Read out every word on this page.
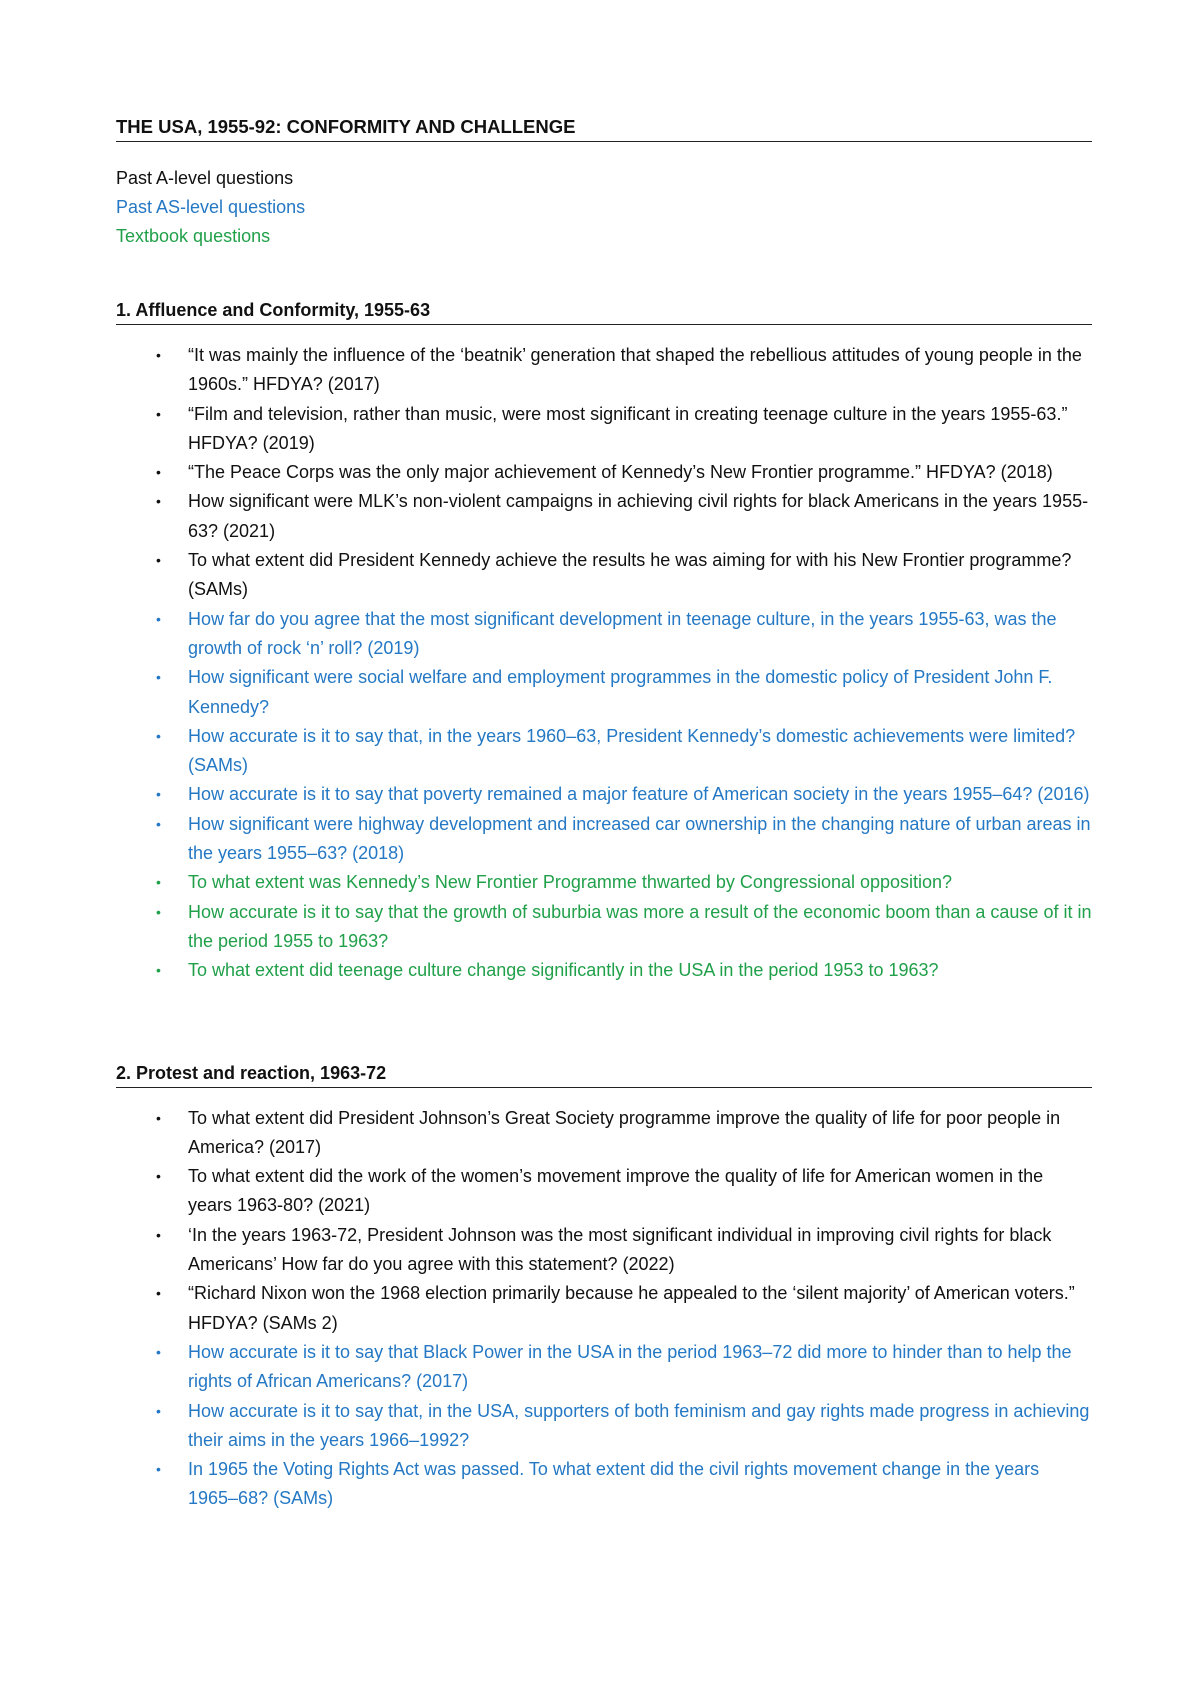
THE USA, 1955-92: CONFORMITY AND CHALLENGE
Past A-level questions
Past AS-level questions
Textbook questions
1. Affluence and Conformity, 1955-63
• “It was mainly the influence of the ‘beatnik’ generation that shaped the rebellious attitudes of young people in the 1960s.” HFDYA? (2017)
• “Film and television, rather than music, were most significant in creating teenage culture in the years 1955-63.” HFDYA? (2019)
• “The Peace Corps was the only major achievement of Kennedy’s New Frontier programme.” HFDYA? (2018)
• How significant were MLK’s non-violent campaigns in achieving civil rights for black Americans in the years 1955-63? (2021)
• To what extent did President Kennedy achieve the results he was aiming for with his New Frontier programme? (SAMs)
• How far do you agree that the most significant development in teenage culture, in the years 1955-63, was the growth of rock ‘n’ roll? (2019)
• How significant were social welfare and employment programmes in the domestic policy of President John F. Kennedy?
• How accurate is it to say that, in the years 1960–63, President Kennedy’s domestic achievements were limited? (SAMs)
• How accurate is it to say that poverty remained a major feature of American society in the years 1955–64? (2016)
• How significant were highway development and increased car ownership in the changing nature of urban areas in the years 1955–63? (2018)
• To what extent was Kennedy’s New Frontier Programme thwarted by Congressional opposition?
• How accurate is it to say that the growth of suburbia was more a result of the economic boom than a cause of it in the period 1955 to 1963?
• To what extent did teenage culture change significantly in the USA in the period 1953 to 1963?
2. Protest and reaction, 1963-72
• To what extent did President Johnson’s Great Society programme improve the quality of life for poor people in America? (2017)
• To what extent did the work of the women’s movement improve the quality of life for American women in the years 1963-80? (2021)
• ‘In the years 1963-72, President Johnson was the most significant individual in improving civil rights for black Americans’ How far do you agree with this statement? (2022)
• “Richard Nixon won the 1968 election primarily because he appealed to the ‘silent majority’ of American voters.” HFDYA? (SAMs 2)
• How accurate is it to say that Black Power in the USA in the period 1963–72 did more to hinder than to help the rights of African Americans? (2017)
• How accurate is it to say that, in the USA, supporters of both feminism and gay rights made progress in achieving their aims in the years 1966–1992?
• In 1965 the Voting Rights Act was passed. To what extent did the civil rights movement change in the years 1965–68? (SAMs)
